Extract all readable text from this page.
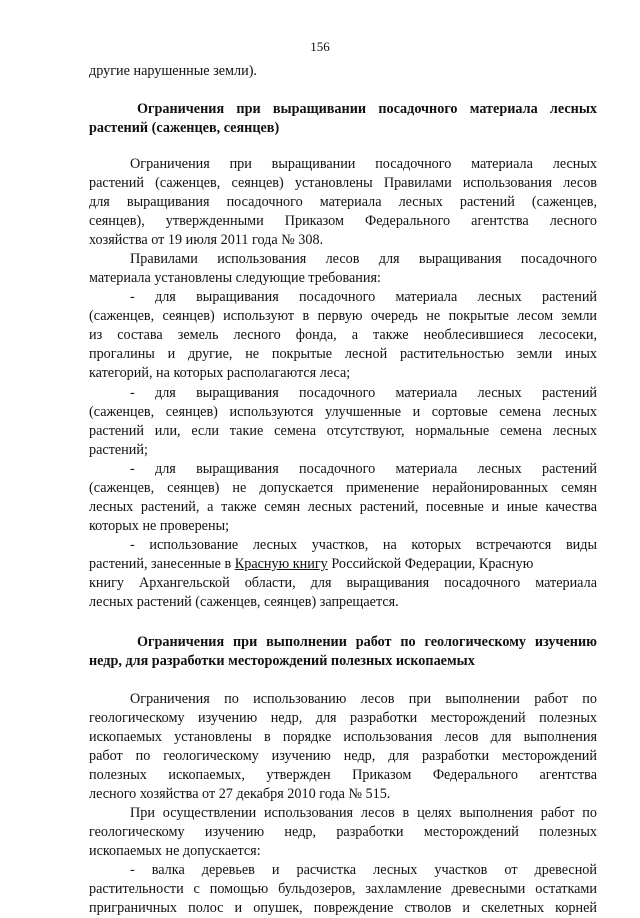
156
другие нарушенные земли).
Ограничения при выращивании посадочного материала лесных
растений (саженцев, сеянцев)
Ограничения при выращивании посадочного материала лесных
растений (саженцев, сеянцев) установлены Правилами использования лесов
для выращивания посадочного материала лесных растений (саженцев,
сеянцев), утвержденными Приказом Федерального агентства лесного
хозяйства от 19 июля 2011 года № 308.
Правилами использования лесов для выращивания посадочного
материала установлены следующие требования:
- для выращивания посадочного материала лесных растений
(саженцев, сеянцев) используют в первую очередь не покрытые лесом земли
из состава земель лесного фонда, а также необлесившиеся лесосеки,
прогалины и другие, не покрытые лесной растительностью земли иных
категорий, на которых располагаются леса;
- для выращивания посадочного материала лесных растений
(саженцев, сеянцев) используются улучшенные и сортовые семена лесных
растений или, если такие семена отсутствуют, нормальные семена лесных
растений;
- для выращивания посадочного материала лесных растений
(саженцев, сеянцев) не допускается применение нерайонированных семян
лесных растений, а также семян лесных растений, посевные и иные качества
которых не проверены;
- использование лесных участков, на которых встречаются виды
растений, занесенные в Красную книгу Российской Федерации, Красную
книгу Архангельской области, для выращивания посадочного материала
лесных растений (саженцев, сеянцев) запрещается.
Ограничения при выполнении работ по геологическому изучению
недр, для разработки месторождений полезных ископаемых
Ограничения по использованию лесов при выполнении работ по
геологическому изучению недр, для разработки месторождений полезных
ископаемых установлены в порядке использования лесов для выполнения
работ по геологическому изучению недр, для разработки месторождений
полезных ископаемых, утвержден Приказом Федерального агентства
лесного хозяйства от 27 декабря 2010 года № 515.
При осуществлении использования лесов в целях выполнения работ по
геологическому изучению недр, разработки месторождений полезных
ископаемых не допускается:
- валка деревьев и расчистка лесных участков от древесной
растительности с помощью бульдозеров, захламление древесными остатками
приграничных полос и опушек, повреждение стволов и скелетных корней
